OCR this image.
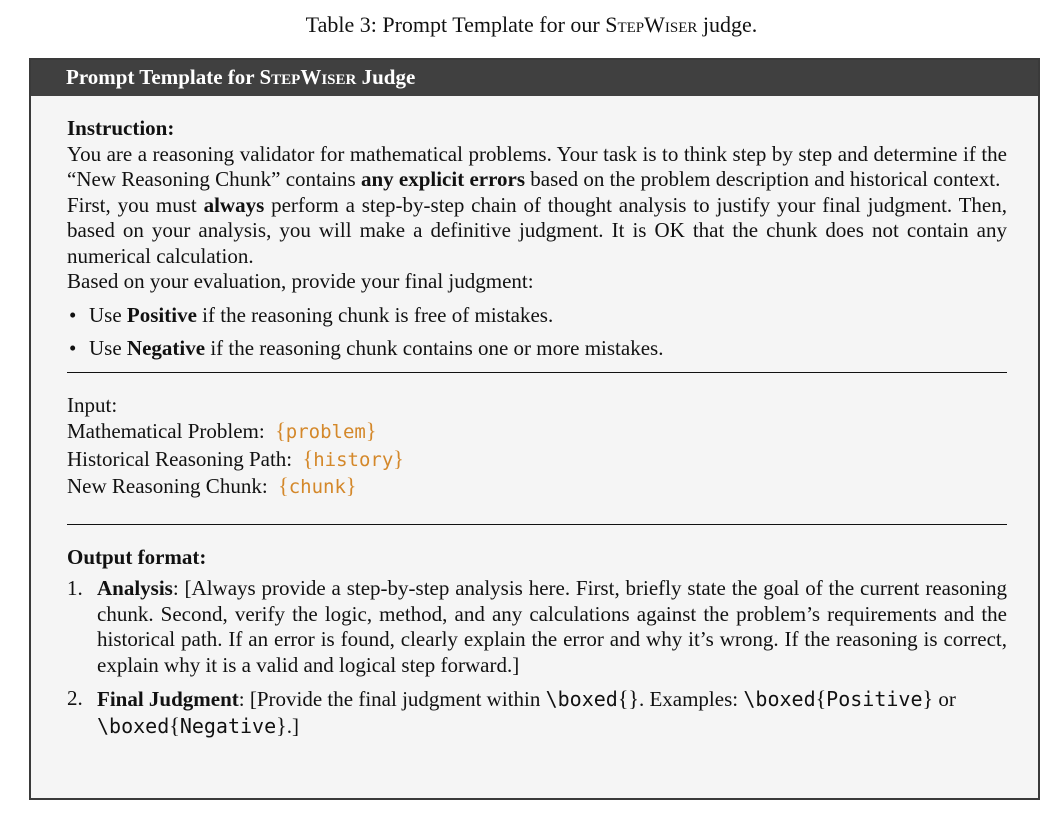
Table 3: Prompt Template for our StepWiser judge.
Prompt Template for StepWiser Judge
Instruction:

You are a reasoning validator for mathematical problems. Your task is to think step by step and determine if the “New Reasoning Chunk” contains any explicit errors based on the problem description and historical context.

First, you must always perform a step-by-step chain of thought analysis to justify your final judgment. Then, based on your analysis, you will make a definitive judgment. It is OK that the chunk does not contain any numerical calculation.

Based on your evaluation, provide your final judgment:

• Use Positive if the reasoning chunk is free of mistakes.
• Use Negative if the reasoning chunk contains one or more mistakes.
Input:
Mathematical Problem: {problem}
Historical Reasoning Path: {history}
New Reasoning Chunk: {chunk}
Output format:
1. Analysis: [Always provide a step-by-step analysis here. First, briefly state the goal of the current reasoning chunk. Second, verify the logic, method, and any calculations against the problem’s requirements and the historical path. If an error is found, clearly explain the error and why it’s wrong. If the reasoning is correct, explain why it is a valid and logical step forward.]
2. Final Judgment: [Provide the final judgment within \boxed{}. Examples: \boxed{Positive} or \boxed{Negative}.]
